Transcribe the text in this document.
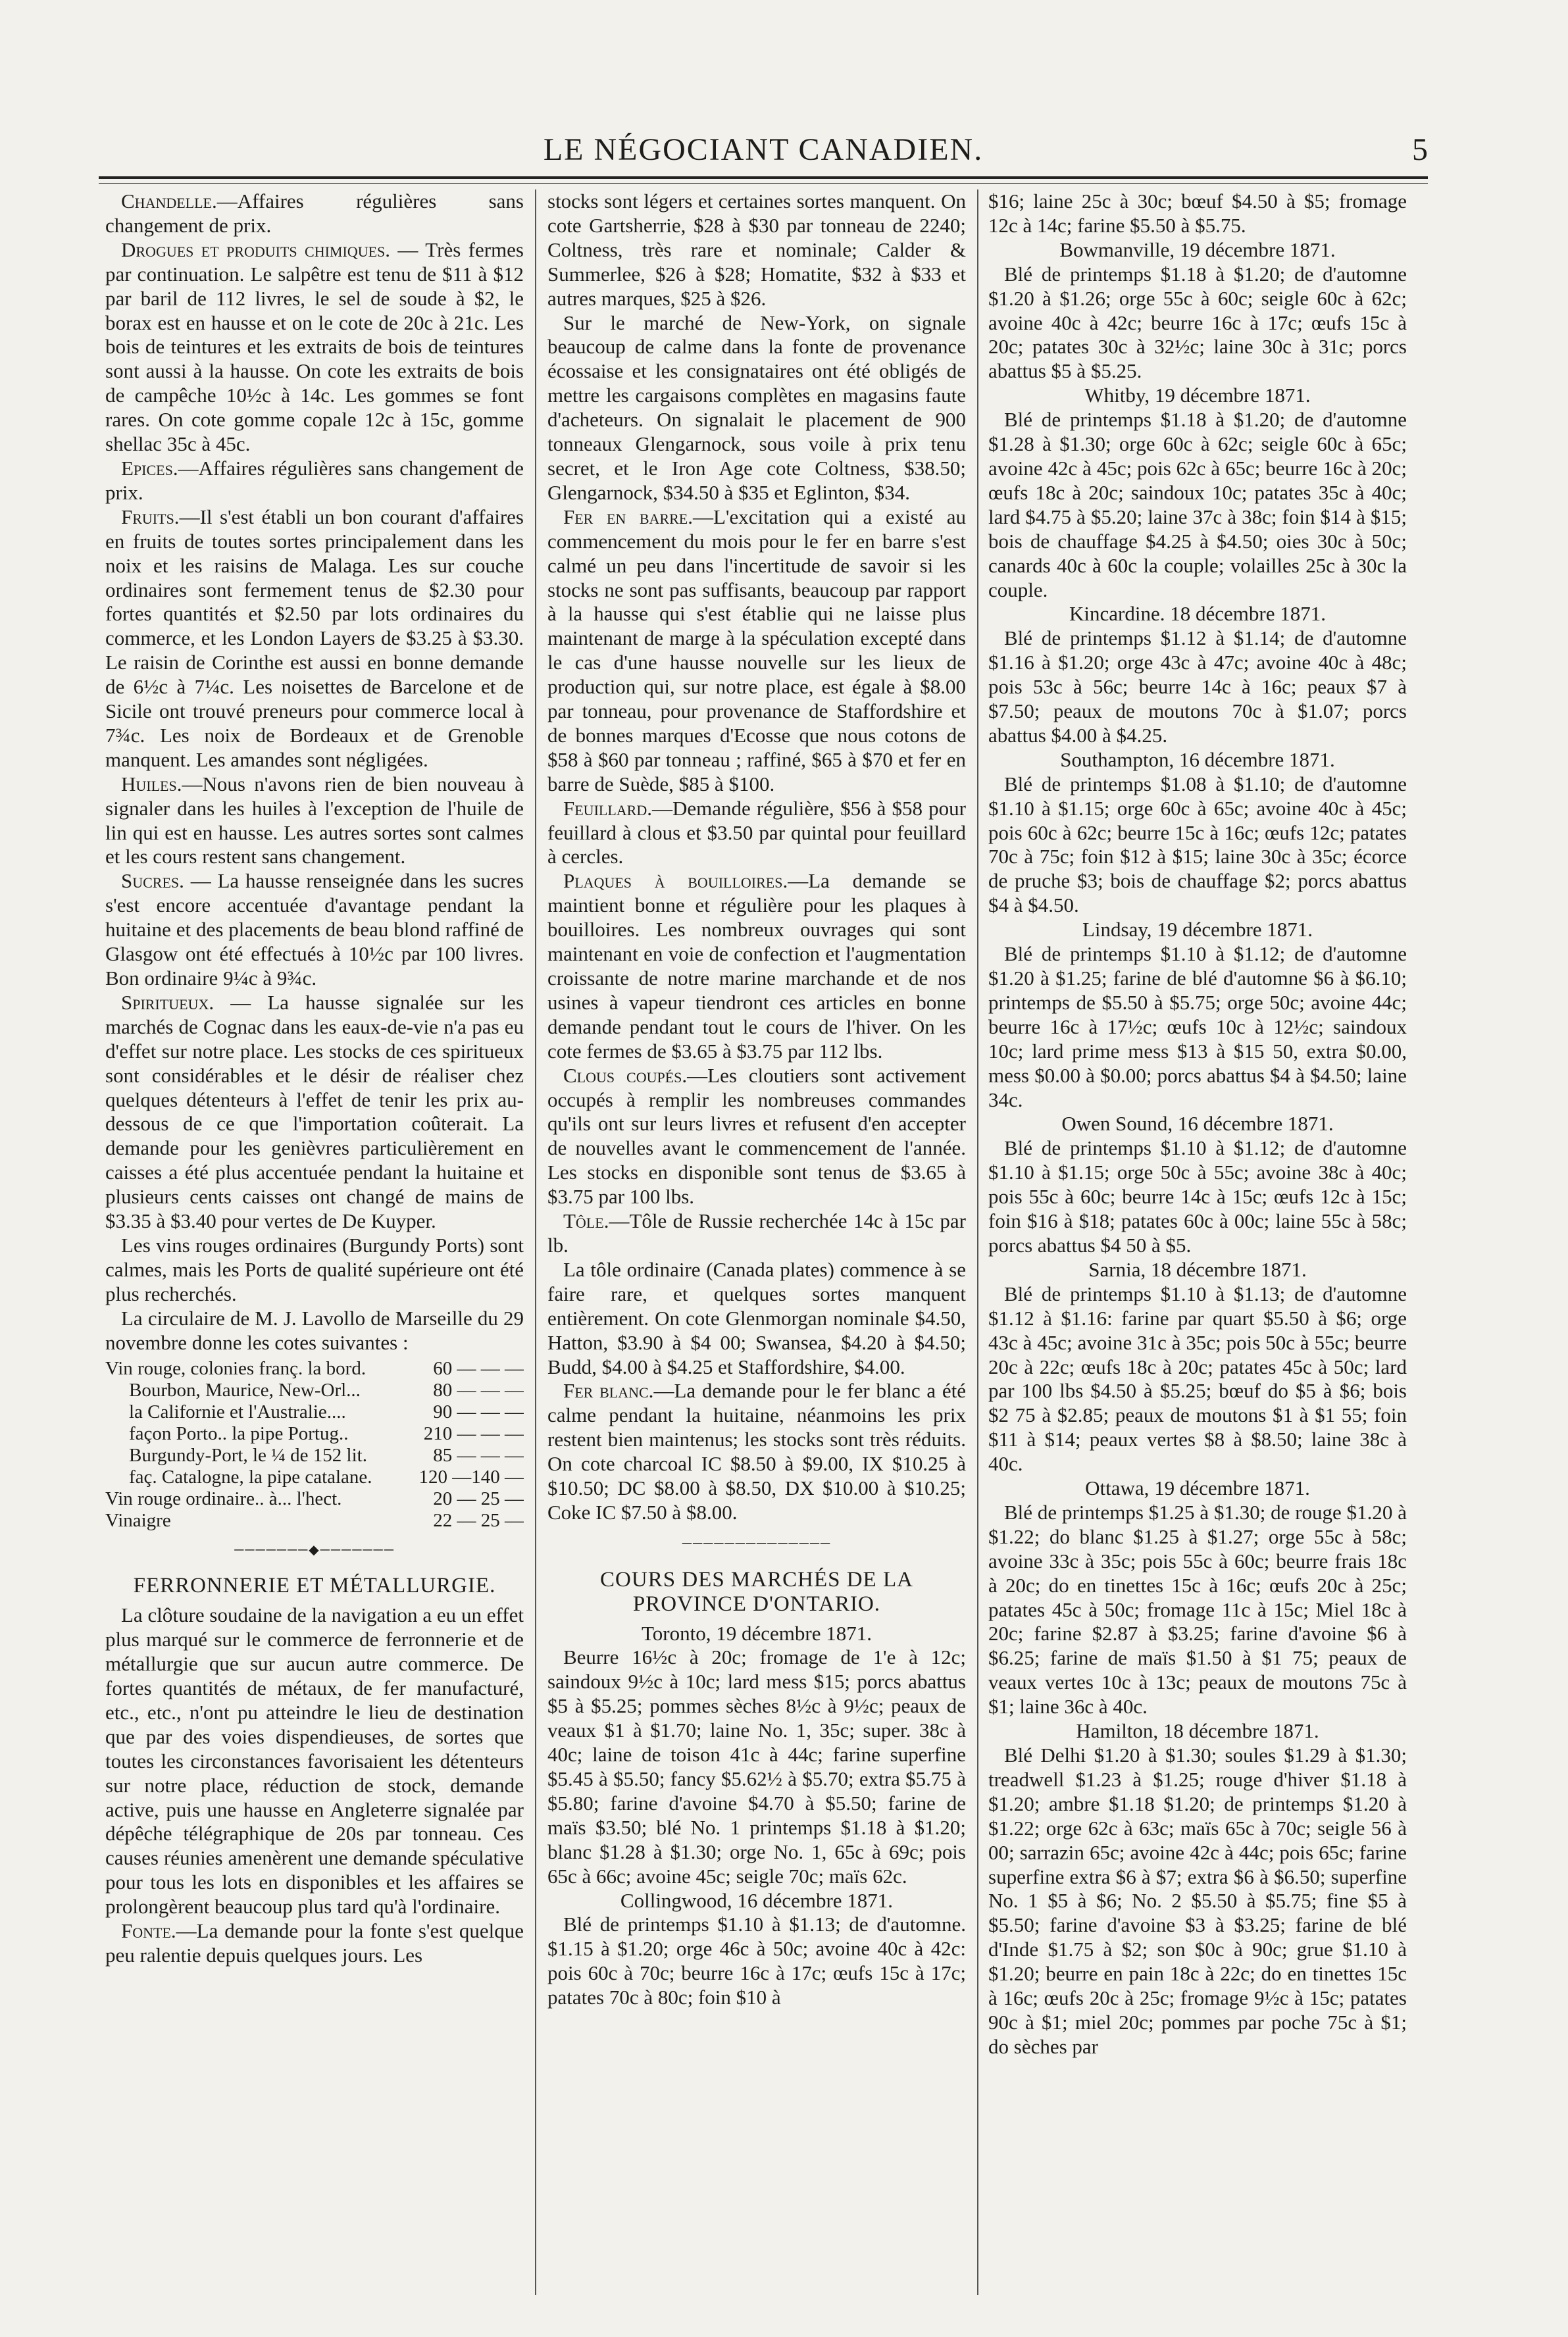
LE NÉGOCIANT CANADIEN.	5

Chandelle.—Affaires régulières sans changement de prix.

Drogues et produits chimiques. — Très fermes par continuation. Le salpêtre est tenu de $11 à $12 par baril de 112 livres, le sel de soude à $2, le borax est en hausse et on le cote de 20c à 21c. Les bois de teintures et les extraits de bois de teintures sont aussi à la hausse. On cote les extraits de bois de campêche 10½c à 14c. Les gommes se font rares. On cote gomme copale 12c à 15c, gomme shellac 35c à 45c.

Epices.—Affaires régulières sans changement de prix.

Fruits.—Il s'est établi un bon courant d'affaires en fruits de toutes sortes principalement dans les noix et les raisins de Malaga. Les sur couche ordinaires sont fermement tenus de $2.30 pour fortes quantités et $2.50 par lots ordinaires du commerce, et les London Layers de $3.25 à $3.30. Le raisin de Corinthe est aussi en bonne demande de 6½c à 7¼c. Les noisettes de Barcelone et de Sicile ont trouvé preneurs pour commerce local à 7¾c. Les noix de Bordeaux et de Grenoble manquent. Les amandes sont négligées.

Huiles.—Nous n'avons rien de bien nouveau à signaler dans les huiles à l'exception de l'huile de lin qui est en hausse. Les autres sortes sont calmes et les cours restent sans changement.

Sucres. — La hausse renseignée dans les sucres s'est encore accentuée d'avantage pendant la huitaine et des placements de beau blond raffiné de Glasgow ont été effectués à 10½c par 100 livres. Bon ordinaire 9¼c à 9¾c.

Spiritueux. — La hausse signalée sur les marchés de Cognac dans les eaux-de-vie n'a pas eu d'effet sur notre place. Les stocks de ces spiritueux sont considérables et le désir de réaliser chez quelques détenteurs à l'effet de tenir les prix au-dessous de ce que l'importation coûterait. La demande pour les genièvres particulièrement en caisses a été plus accentuée pendant la huitaine et plusieurs cents caisses ont changé de mains de $3.35 à $3.40 pour vertes de De Kuyper.

Les vins rouges ordinaires (Burgundy Ports) sont calmes, mais les Ports de qualité supérieure ont été plus recherchés.

La circulaire de M. J. Lavollo de Marseille du 29 novembre donne les cotes suivantes :

Vin rouge, colonies franç. la bord.	60 — — —
Bourbon, Maurice, New-Orl...	80 — — —
la Californie et l'Australie....	90 — — —
façon Porto.. la pipe Portug..	210 — — —
Burgundy-Port, le ¼ de 152 lit.	85 — — —
faç. Catalogne, la pipe catalane.	120 —140 —
Vin rouge ordinaire.. à... l'hect.	20 — 25 —
Vinaigre	22 — 25 —
───────◆───────
FERRONNERIE ET MÉTALLURGIE.

La clôture soudaine de la navigation a eu un effet plus marqué sur le commerce de ferronnerie et de métallurgie que sur aucun autre commerce. De fortes quantités de métaux, de fer manufacturé, etc., etc., n'ont pu atteindre le lieu de destination que par des voies dispendieuses, de sortes que toutes les circonstances favorisaient les détenteurs sur notre place, réduction de stock, demande active, puis une hausse en Angleterre signalée par dépêche télégraphique de 20s par tonneau. Ces causes réunies amenèrent une demande spéculative pour tous les lots en disponibles et les affaires se prolongèrent beaucoup plus tard qu'à l'ordinaire.

Fonte.—La demande pour la fonte s'est quelque peu ralentie depuis quelques jours. Les

stocks sont légers et certaines sortes manquent. On cote Gartsherrie, $28 à $30 par tonneau de 2240; Coltness, très rare et nominale; Calder & Summerlee, $26 à $28; Homatite, $32 à $33 et autres marques, $25 à $26.

Sur le marché de New-York, on signale beaucoup de calme dans la fonte de provenance écossaise et les consignataires ont été obligés de mettre les cargaisons complètes en magasins faute d'acheteurs. On signalait le placement de 900 tonneaux Glengarnock, sous voile à prix tenu secret, et le Iron Age cote Coltness, $38.50; Glengarnock, $34.50 à $35 et Eglinton, $34.

Fer en barre.—L'excitation qui a existé au commencement du mois pour le fer en barre s'est calmé un peu dans l'incertitude de savoir si les stocks ne sont pas suffisants, beaucoup par rapport à la hausse qui s'est établie qui ne laisse plus maintenant de marge à la spéculation excepté dans le cas d'une hausse nouvelle sur les lieux de production qui, sur notre place, est égale à $8.00 par tonneau, pour provenance de Staffordshire et de bonnes marques d'Ecosse que nous cotons de $58 à $60 par tonneau ; raffiné, $65 à $70 et fer en barre de Suède, $85 à $100.

Feuillard.—Demande régulière, $56 à $58 pour feuillard à clous et $3.50 par quintal pour feuillard à cercles.

Plaques à bouilloires.—La demande se maintient bonne et régulière pour les plaques à bouilloires. Les nombreux ouvrages qui sont maintenant en voie de confection et l'augmentation croissante de notre marine marchande et de nos usines à vapeur tiendront ces articles en bonne demande pendant tout le cours de l'hiver. On les cote fermes de $3.65 à $3.75 par 112 lbs.

Clous coupés.—Les cloutiers sont activement occupés à remplir les nombreuses commandes qu'ils ont sur leurs livres et refusent d'en accepter de nouvelles avant le commencement de l'année. Les stocks en disponible sont tenus de $3.65 à $3.75 par 100 lbs.

Tôle.—Tôle de Russie recherchée 14c à 15c par lb.

La tôle ordinaire (Canada plates) commence à se faire rare, et quelques sortes manquent entièrement. On cote Glenmorgan nominale $4.50, Hatton, $3.90 à $4 00; Swansea, $4.20 à $4.50; Budd, $4.00 à $4.25 et Staffordshire, $4.00.

Fer blanc.—La demande pour le fer blanc a été calme pendant la huitaine, néanmoins les prix restent bien maintenus; les stocks sont très réduits. On cote charcoal IC $8.50 à $9.00, IX $10.25 à $10.50; DC $8.00 à $8.50, DX $10.00 à $10.25; Coke IC $7.50 à $8.00.

──────────────
COURS DES MARCHÉS DE LA PROVINCE D'ONTARIO.

Toronto, 19 décembre 1871.

Beurre 16½c à 20c; fromage de 1'e à 12c; saindoux 9½c à 10c; lard mess $15; porcs abattus $5 à $5.25; pommes sèches 8½c à 9½c; peaux de veaux $1 à $1.70; laine No. 1, 35c; super. 38c à 40c; laine de toison 41c à 44c; farine superfine $5.45 à $5.50; fancy $5.62½ à $5.70; extra $5.75 à $5.80; farine d'avoine $4.70 à $5.50; farine de maïs $3.50; blé No. 1 printemps $1.18 à $1.20; blanc $1.28 à $1.30; orge No. 1, 65c à 69c; pois 65c à 66c; avoine 45c; seigle 70c; maïs 62c.

Collingwood, 16 décembre 1871.

Blé de printemps $1.10 à $1.13; de d'automne. $1.15 à $1.20; orge 46c à 50c; avoine 40c à 42c: pois 60c à 70c; beurre 16c à 17c; œufs 15c à 17c; patates 70c à 80c; foin $10 à

$16; laine 25c à 30c; bœuf $4.50 à $5; fromage 12c à 14c; farine $5.50 à $5.75.

Bowmanville, 19 décembre 1871.

Blé de printemps $1.18 à $1.20; de d'automne $1.20 à $1.26; orge 55c à 60c; seigle 60c à 62c; avoine 40c à 42c; beurre 16c à 17c; œufs 15c à 20c; patates 30c à 32½c; laine 30c à 31c; porcs abattus $5 à $5.25.

Whitby, 19 décembre 1871.

Blé de printemps $1.18 à $1.20; de d'automne $1.28 à $1.30; orge 60c à 62c; seigle 60c à 65c; avoine 42c à 45c; pois 62c à 65c; beurre 16c à 20c; œufs 18c à 20c; saindoux 10c; patates 35c à 40c; lard $4.75 à $5.20; laine 37c à 38c; foin $14 à $15; bois de chauffage $4.25 à $4.50; oies 30c à 50c; canards 40c à 60c la couple; volailles 25c à 30c la couple.

Kincardine. 18 décembre 1871.

Blé de printemps $1.12 à $1.14; de d'automne $1.16 à $1.20; orge 43c à 47c; avoine 40c à 48c; pois 53c à 56c; beurre 14c à 16c; peaux $7 à $7.50; peaux de moutons 70c à $1.07; porcs abattus $4.00 à $4.25.

Southampton, 16 décembre 1871.

Blé de printemps $1.08 à $1.10; de d'automne $1.10 à $1.15; orge 60c à 65c; avoine 40c à 45c; pois 60c à 62c; beurre 15c à 16c; œufs 12c; patates 70c à 75c; foin $12 à $15; laine 30c à 35c; écorce de pruche $3; bois de chauffage $2; porcs abattus $4 à $4.50.

Lindsay, 19 décembre 1871.

Blé de printemps $1.10 à $1.12; de d'automne $1.20 à $1.25; farine de blé d'automne $6 à $6.10; printemps de $5.50 à $5.75; orge 50c; avoine 44c; beurre 16c à 17½c; œufs 10c à 12½c; saindoux 10c; lard prime mess $13 à $15 50, extra $0.00, mess $0.00 à $0.00; porcs abattus $4 à $4.50; laine 34c.

Owen Sound, 16 décembre 1871.

Blé de printemps $1.10 à $1.12; de d'automne $1.10 à $1.15; orge 50c à 55c; avoine 38c à 40c; pois 55c à 60c; beurre 14c à 15c; œufs 12c à 15c; foin $16 à $18; patates 60c à 00c; laine 55c à 58c; porcs abattus $4 50 à $5.

Sarnia, 18 décembre 1871.

Blé de printemps $1.10 à $1.13; de d'automne $1.12 à $1.16: farine par quart $5.50 à $6; orge 43c à 45c; avoine 31c à 35c; pois 50c à 55c; beurre 20c à 22c; œufs 18c à 20c; patates 45c à 50c; lard par 100 lbs $4.50 à $5.25; bœuf do $5 à $6; bois $2 75 à $2.85; peaux de moutons $1 à $1 55; foin $11 à $14; peaux vertes $8 à $8.50; laine 38c à 40c.

Ottawa, 19 décembre 1871.

Blé de printemps $1.25 à $1.30; de rouge $1.20 à $1.22; do blanc $1.25 à $1.27; orge 55c à 58c; avoine 33c à 35c; pois 55c à 60c; beurre frais 18c à 20c; do en tinettes 15c à 16c; œufs 20c à 25c; patates 45c à 50c; fromage 11c à 15c; Miel 18c à 20c; farine $2.87 à $3.25; farine d'avoine $6 à $6.25; farine de maïs $1.50 à $1 75; peaux de veaux vertes 10c à 13c; peaux de moutons 75c à $1; laine 36c à 40c.

Hamilton, 18 décembre 1871.

Blé Delhi $1.20 à $1.30; soules $1.29 à $1.30; treadwell $1.23 à $1.25; rouge d'hiver $1.18 à $1.20; ambre $1.18 $1.20; de printemps $1.20 à $1.22; orge 62c à 63c; maïs 65c à 70c; seigle 56 à 00; sarrazin 65c; avoine 42c à 44c; pois 65c; farine superfine extra $6 à $7; extra $6 à $6.50; superfine No. 1 $5 à $6; No. 2 $5.50 à $5.75; fine $5 à $5.50; farine d'avoine $3 à $3.25; farine de blé d'Inde $1.75 à $2; son $0c à 90c; grue $1.10 à $1.20; beurre en pain 18c à 22c; do en tinettes 15c à 16c; œufs 20c à 25c; fromage 9½c à 15c; patates 90c à $1; miel 20c; pommes par poche 75c à $1; do sèches par
